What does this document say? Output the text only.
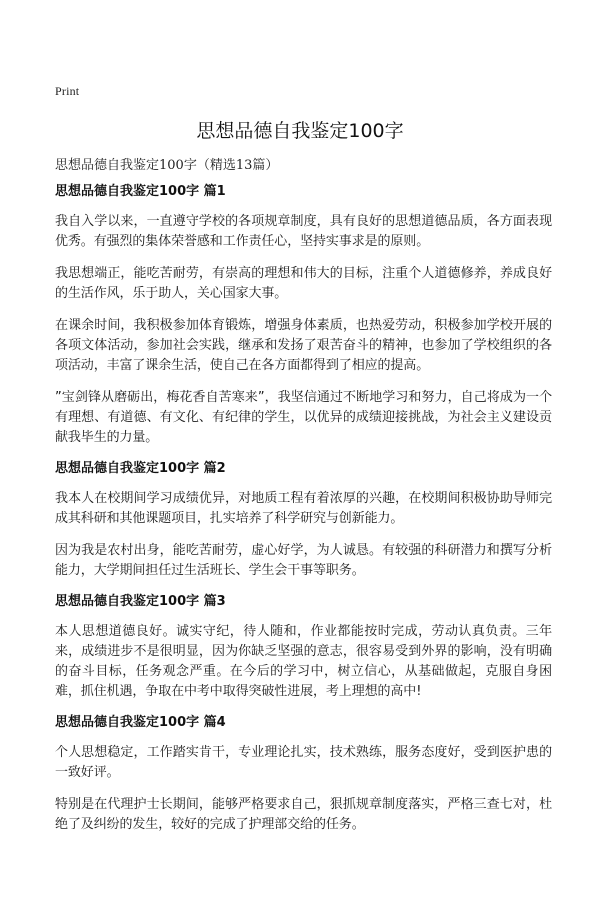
Print
思想品德自我鉴定100字

思想品德自我鉴定100字（精选13篇）

思想品德自我鉴定100字 篇1

我自入学以来，一直遵守学校的各项规章制度，具有良好的思想道德品质，各方面表现优秀。有强烈的集体荣誉感和工作责任心，坚持实事求是的原则。

我思想端正，能吃苦耐劳，有崇高的理想和伟大的目标，注重个人道德修养，养成良好的生活作风，乐于助人，关心国家大事。

在课余时间，我积极参加体育锻炼，增强身体素质，也热爱劳动，积极参加学校开展的各项文体活动，参加社会实践，继承和发扬了艰苦奋斗的精神，也参加了学校组织的各项活动，丰富了课余生活，使自己在各方面都得到了相应的提高。

”宝剑锋从磨砺出，梅花香自苦寒来”，我坚信通过不断地学习和努力，自己将成为一个有理想、有道德、有文化、有纪律的学生，以优异的成绩迎接挑战，为社会主义建设贡献我毕生的力量。

思想品德自我鉴定100字 篇2

我本人在校期间学习成绩优异，对地质工程有着浓厚的兴趣，在校期间积极协助导师完成其科研和其他课题项目，扎实培养了科学研究与创新能力。

因为我是农村出身，能吃苦耐劳，虚心好学，为人诚恳。有较强的科研潜力和撰写分析能力，大学期间担任过生活班长、学生会干事等职务。

思想品德自我鉴定100字 篇3

本人思想道德良好。诚实守纪，待人随和，作业都能按时完成，劳动认真负责。三年来，成绩进步不是很明显，因为你缺乏坚强的意志，很容易受到外界的影响，没有明确的奋斗目标，任务观念严重。在今后的学习中，树立信心，从基础做起，克服自身困难，抓住机遇，争取在中考中取得突破性进展，考上理想的高中!

思想品德自我鉴定100字 篇4

个人思想稳定，工作踏实肯干，专业理论扎实，技术熟练，服务态度好，受到医护患的一致好评。

特别是在代理护士长期间，能够严格要求自己，狠抓规章制度落实，严格三查七对，杜绝了及纠纷的发生，较好的完成了护理部交给的任务。
